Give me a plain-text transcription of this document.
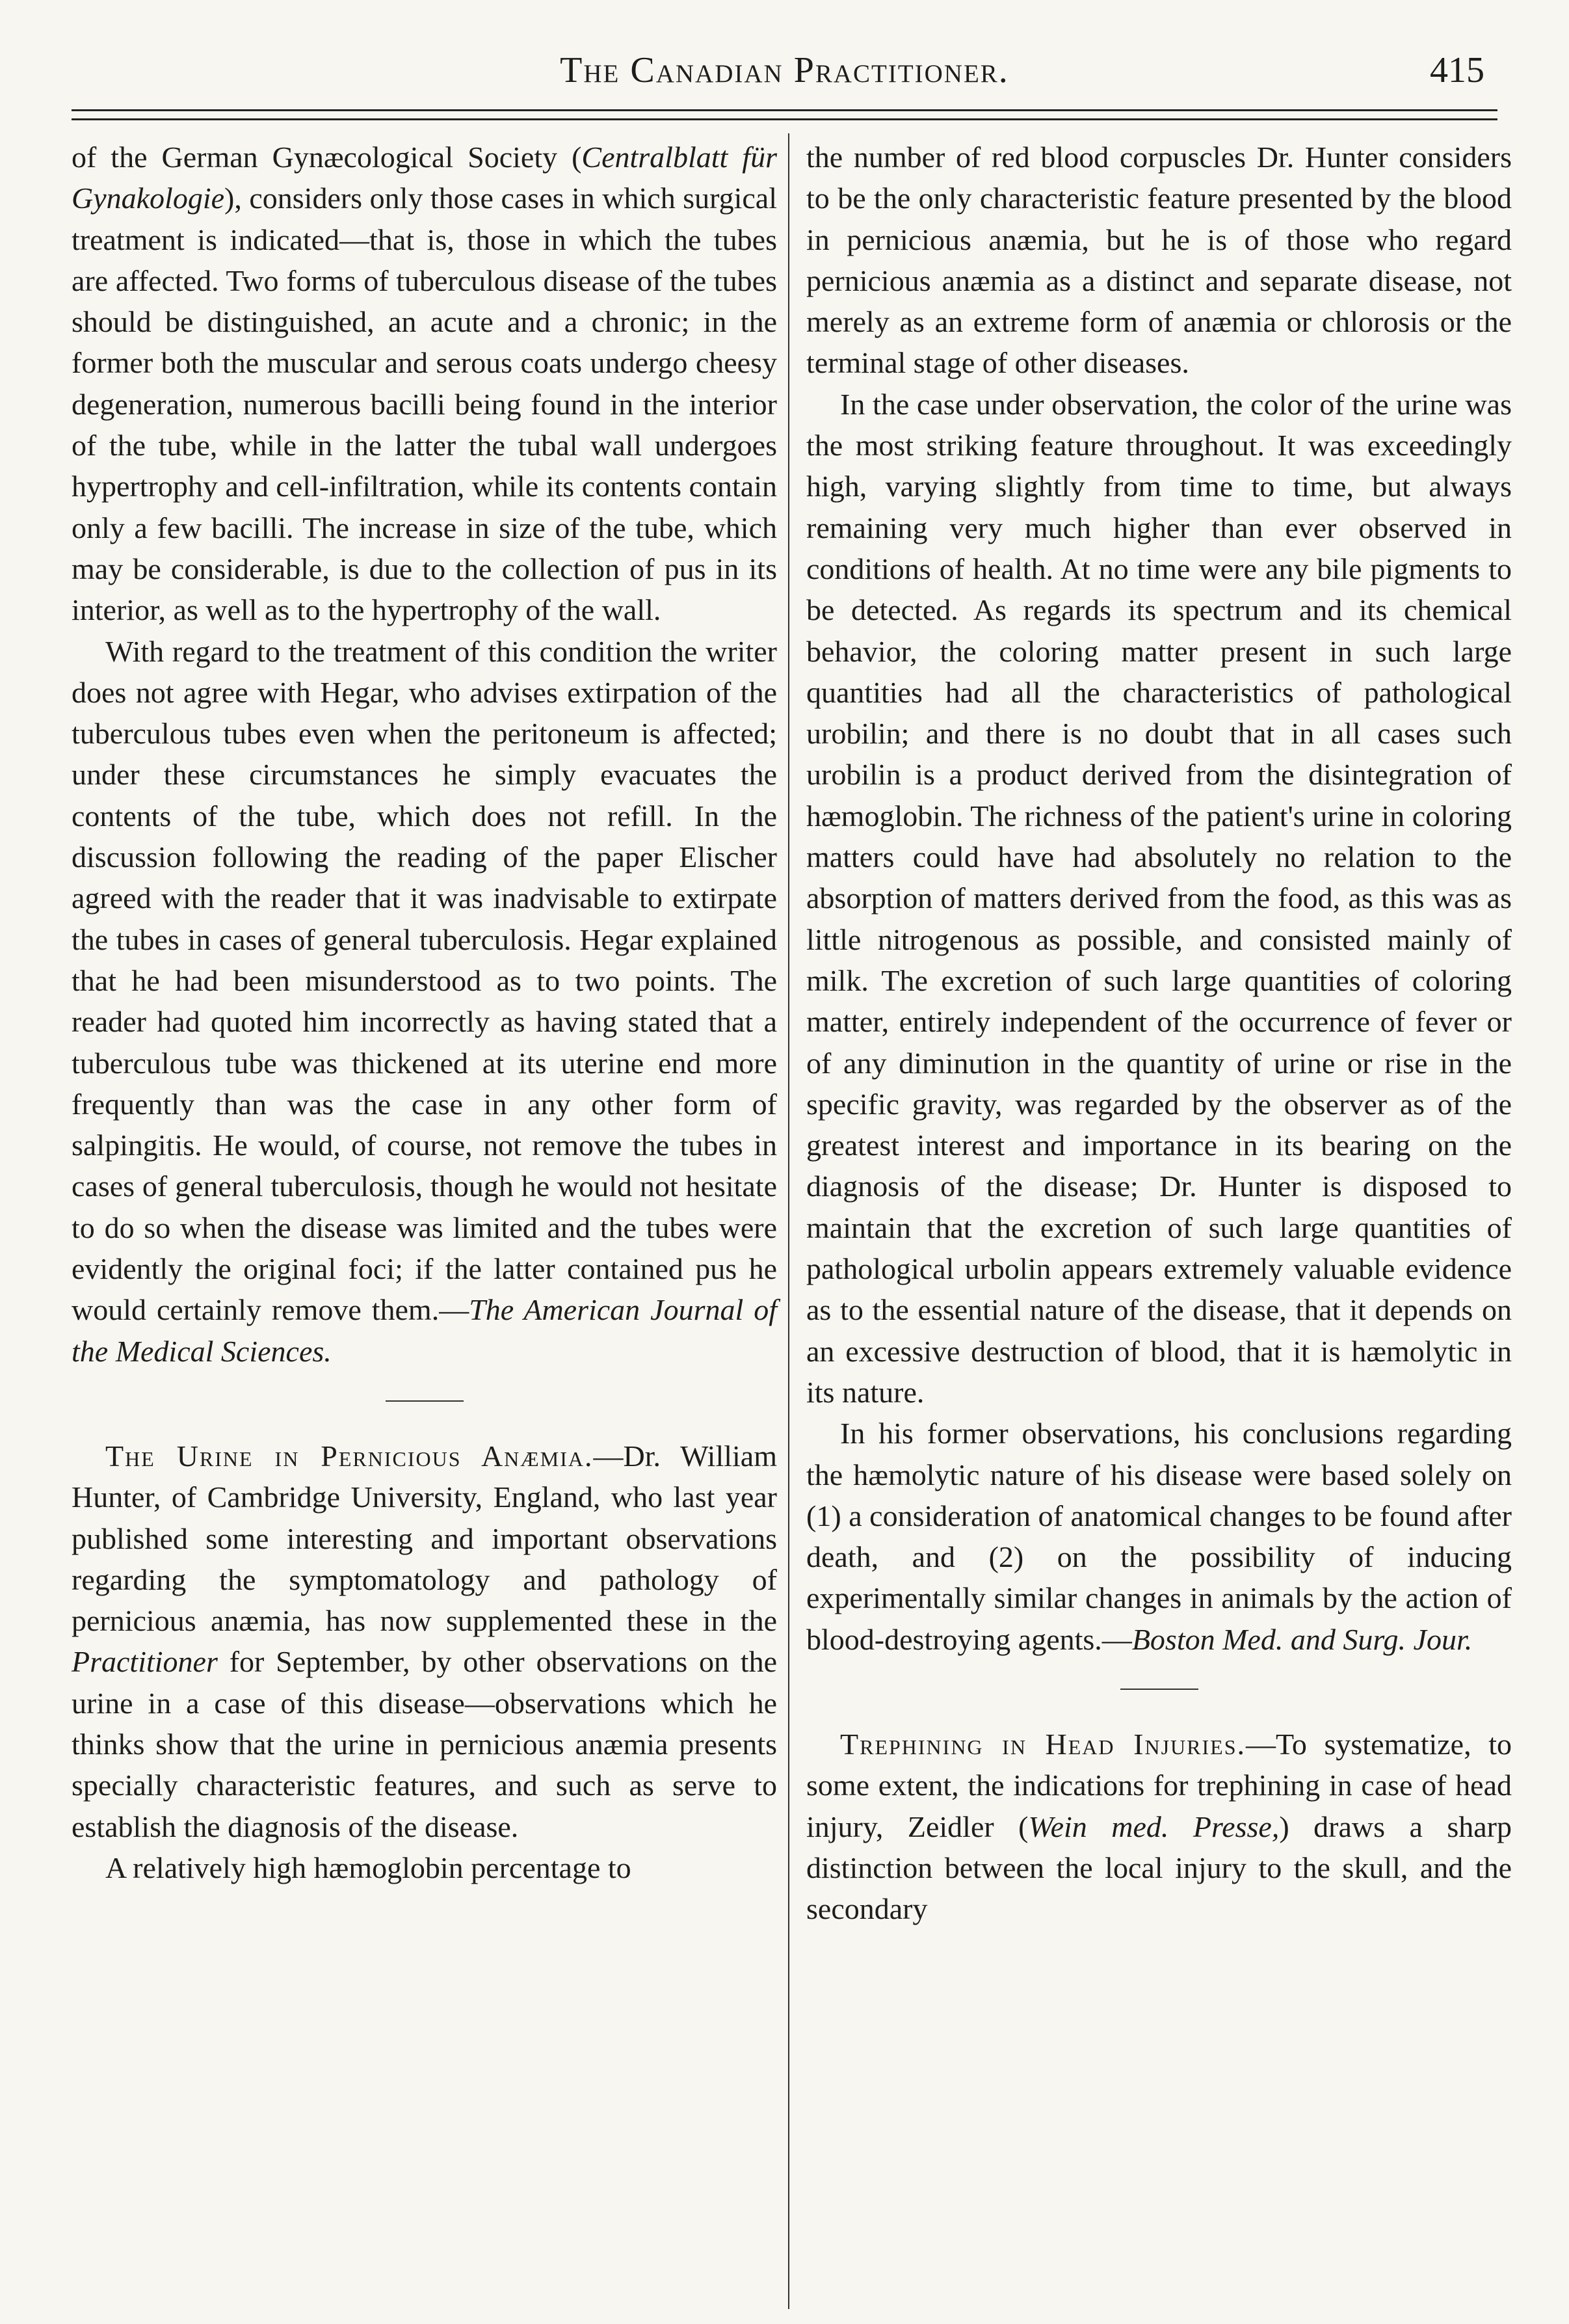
The Canadian Practitioner.	415

of the German Gynæcological Society (Centralblatt für Gynakologie), considers only those cases in which surgical treatment is indicated—that is, those in which the tubes are affected. Two forms of tuberculous disease of the tubes should be distinguished, an acute and a chronic; in the former both the muscular and serous coats undergo cheesy degeneration, numerous bacilli being found in the interior of the tube, while in the latter the tubal wall undergoes hypertrophy and cell-infiltration, while its contents contain only a few bacilli. The increase in size of the tube, which may be considerable, is due to the collection of pus in its interior, as well as to the hypertrophy of the wall.

With regard to the treatment of this condition the writer does not agree with Hegar, who advises extirpation of the tuberculous tubes even when the peritoneum is affected; under these circumstances he simply evacuates the contents of the tube, which does not refill. In the discussion following the reading of the paper Elischer agreed with the reader that it was inadvisable to extirpate the tubes in cases of general tuberculosis. Hegar explained that he had been misunderstood as to two points. The reader had quoted him incorrectly as having stated that a tuberculous tube was thickened at its uterine end more frequently than was the case in any other form of salpingitis. He would, of course, not remove the tubes in cases of general tuberculosis, though he would not hesitate to do so when the disease was limited and the tubes were evidently the original foci; if the latter contained pus he would certainly remove them.—The American Journal of the Medical Sciences.

The Urine in Pernicious Anæmia.—Dr. William Hunter, of Cambridge University, England, who last year published some interesting and important observations regarding the symptomatology and pathology of pernicious anæmia, has now supplemented these in the Practitioner for September, by other observations on the urine in a case of this disease—observations which he thinks show that the urine in pernicious anæmia presents specially characteristic features, and such as serve to establish the diagnosis of the disease.

A relatively high hæmoglobin percentage to

the number of red blood corpuscles Dr. Hunter considers to be the only characteristic feature presented by the blood in pernicious anæmia, but he is of those who regard pernicious anæmia as a distinct and separate disease, not merely as an extreme form of anæmia or chlorosis or the terminal stage of other diseases.

In the case under observation, the color of the urine was the most striking feature throughout. It was exceedingly high, varying slightly from time to time, but always remaining very much higher than ever observed in conditions of health. At no time were any bile pigments to be detected. As regards its spectrum and its chemical behavior, the coloring matter present in such large quantities had all the characteristics of pathological urobilin; and there is no doubt that in all cases such urobilin is a product derived from the disintegration of hæmoglobin. The richness of the patient's urine in coloring matters could have had absolutely no relation to the absorption of matters derived from the food, as this was as little nitrogenous as possible, and consisted mainly of milk. The excretion of such large quantities of coloring matter, entirely independent of the occurrence of fever or of any diminution in the quantity of urine or rise in the specific gravity, was regarded by the observer as of the greatest interest and importance in its bearing on the diagnosis of the disease; Dr. Hunter is disposed to maintain that the excretion of such large quantities of pathological urbolin appears extremely valuable evidence as to the essential nature of the disease, that it depends on an excessive destruction of blood, that it is hæmolytic in its nature.

In his former observations, his conclusions regarding the hæmolytic nature of his disease were based solely on (1) a consideration of anatomical changes to be found after death, and (2) on the possibility of inducing experimentally similar changes in animals by the action of blood-destroying agents.—Boston Med. and Surg. Jour.

Trephining in Head Injuries.—To systematize, to some extent, the indications for trephining in case of head injury, Zeidler (Wein med. Presse,) draws a sharp distinction between the local injury to the skull, and the secondary
